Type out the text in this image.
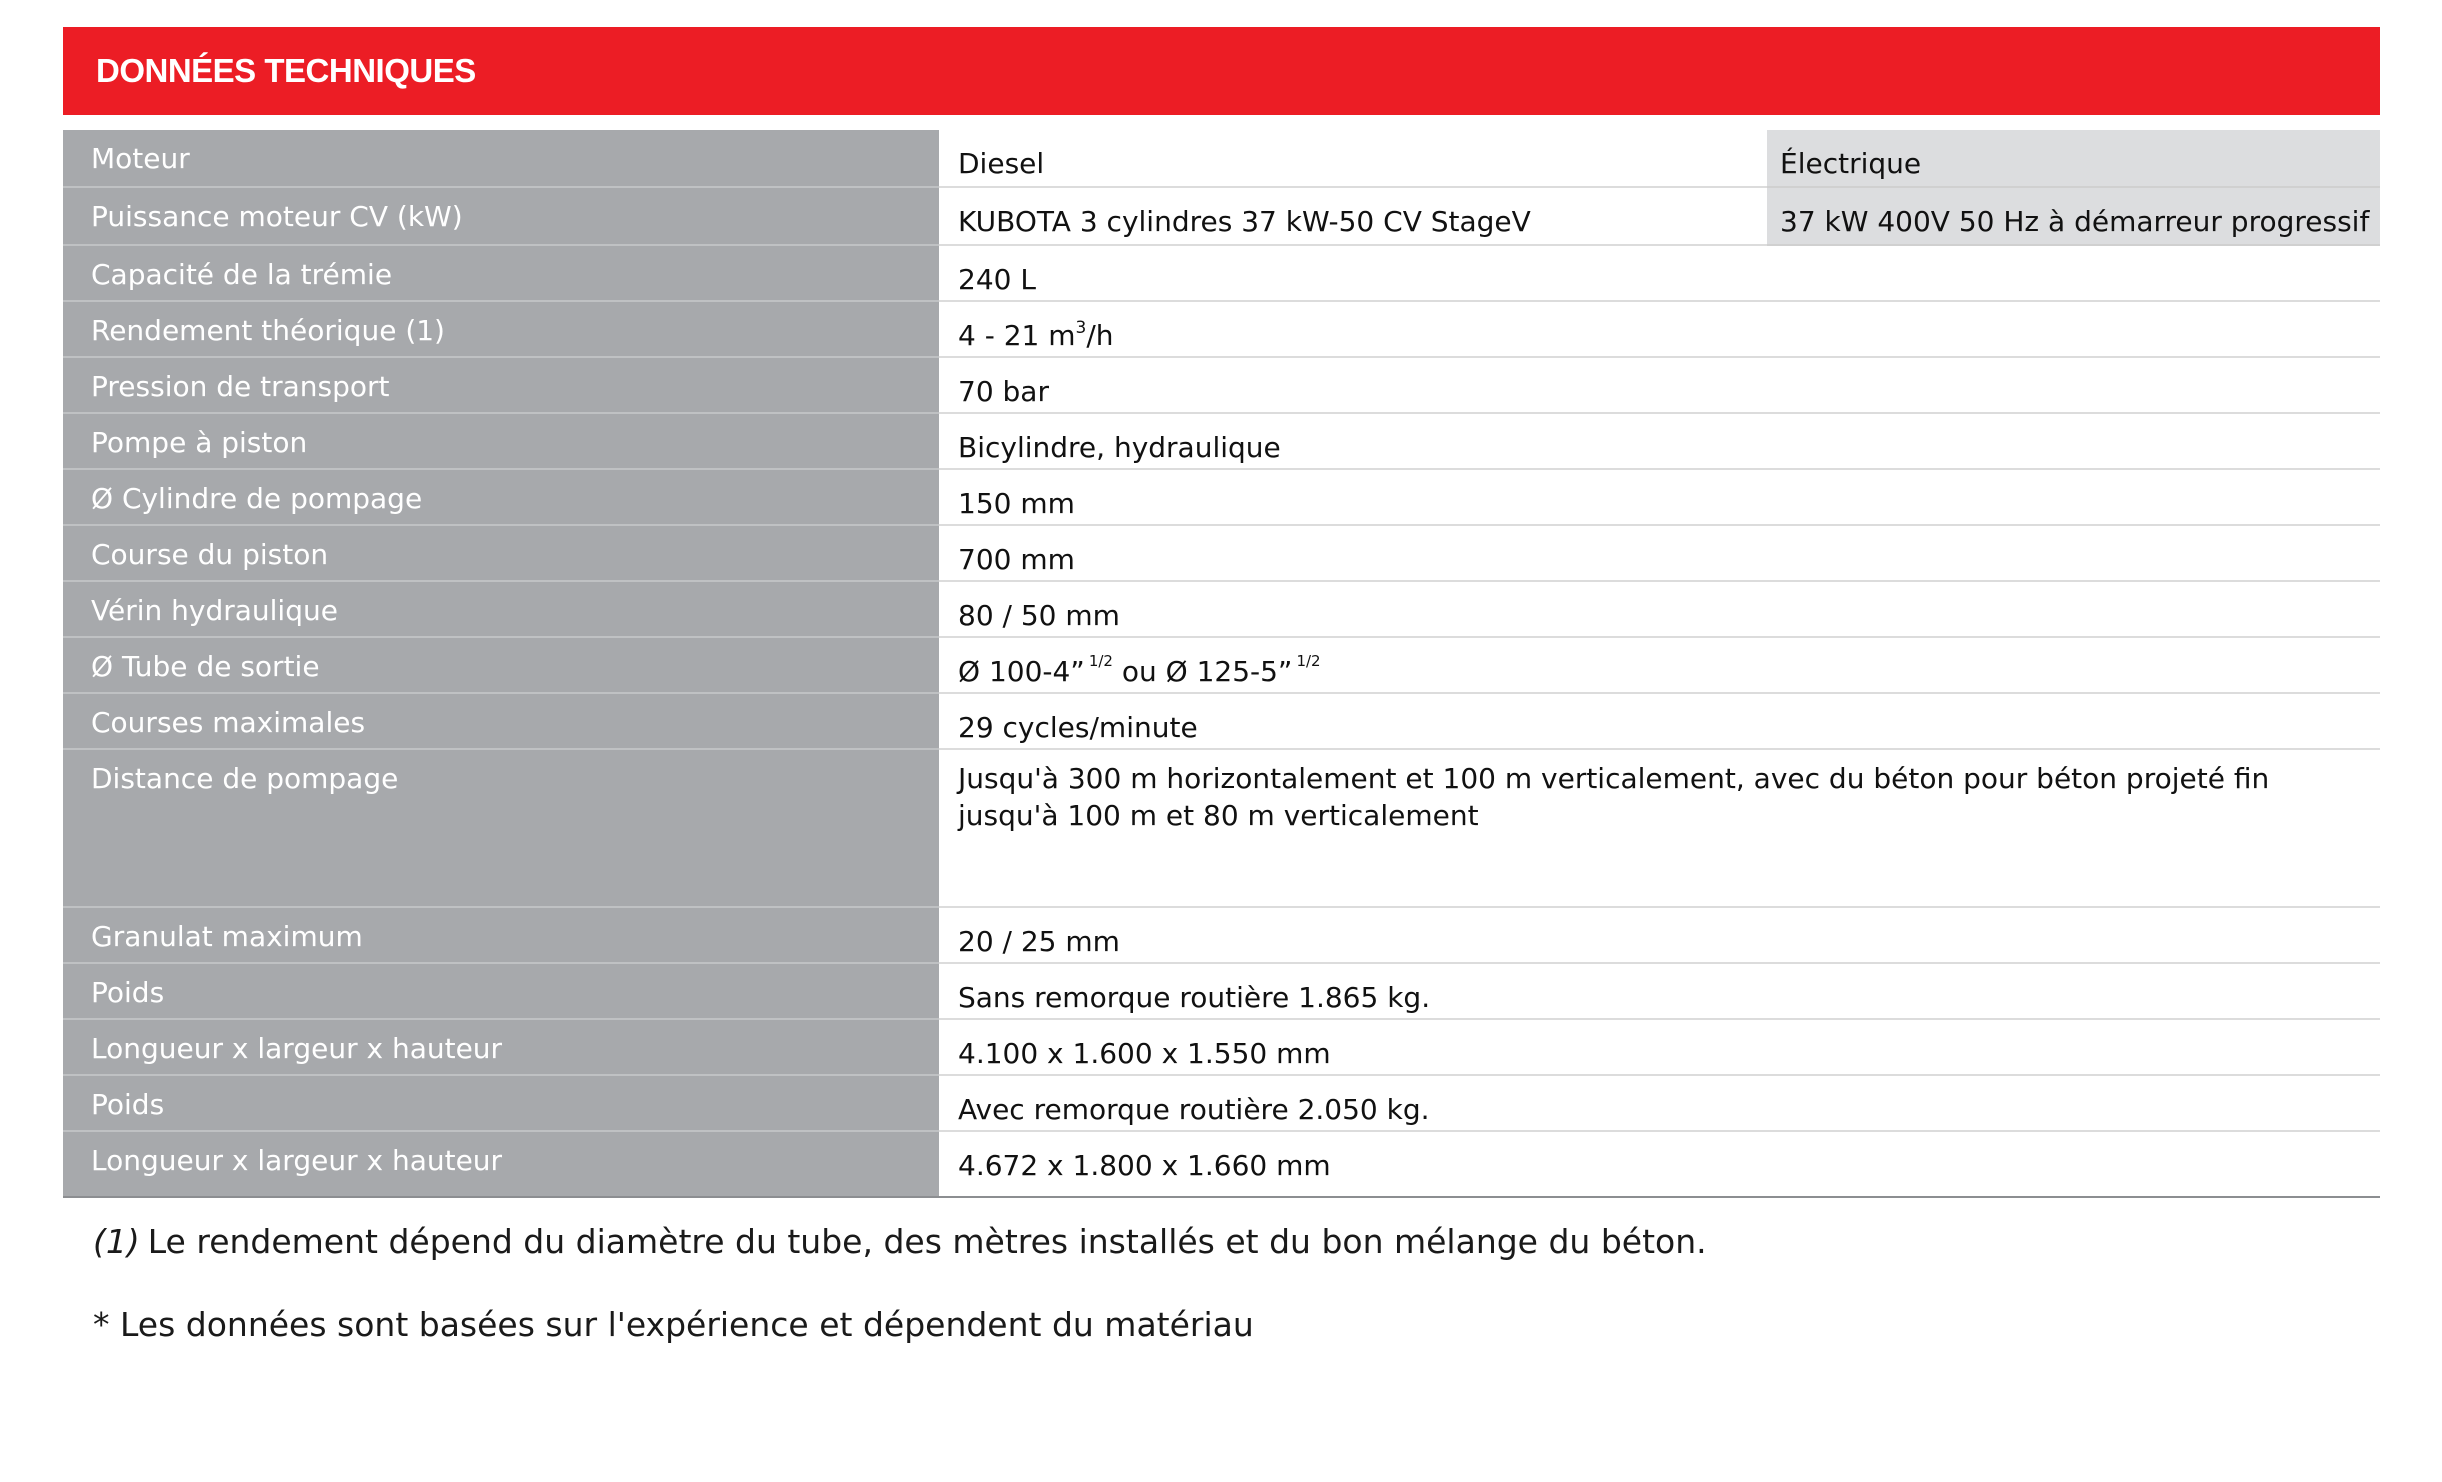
DONNÉES TECHNIQUES
Moteur	Diesel	Électrique
Puissance moteur CV (kW)	KUBOTA 3 cylindres 37 kW-50 CV StageV	37 kW 400V 50 Hz à démarreur progressif
Capacité de la trémie	240 L
Rendement théorique (1)	4 - 21 $m^3/h$
Pression de transport	70 bar
Pompe à piston	Bicylindre, hydraulique
Ø Cylindre de pompage	150 mm
Course du piston	700 mm
Vérin hydraulique	80 / 50 mm
Ø Tube de sortie	Ø 100-4” $^{1/2}$ ou Ø 125-5” $^{1/2}$
Courses maximales	29 cycles/minute
Distance de pompage	Jusqu'à 300 m horizontalement et 100 m verticalement, avec du béton pour béton projeté fin jusqu'à 100 m et 80 m verticalement
Granulat maximum	20 / 25 mm
Poids	Sans remorque routière 1.865 kg.
Longueur x largeur x hauteur	4.100 x 1.600 x 1.550 mm
Poids	Avec remorque routière 2.050 kg.
Longueur x largeur x hauteur	4.672 x 1.800 x 1.660 mm

(1) Le rendement dépend du diamètre du tube, des mètres installés et du bon mélange du béton.

* Les données sont basées sur l'expérience et dépendent du matériau
